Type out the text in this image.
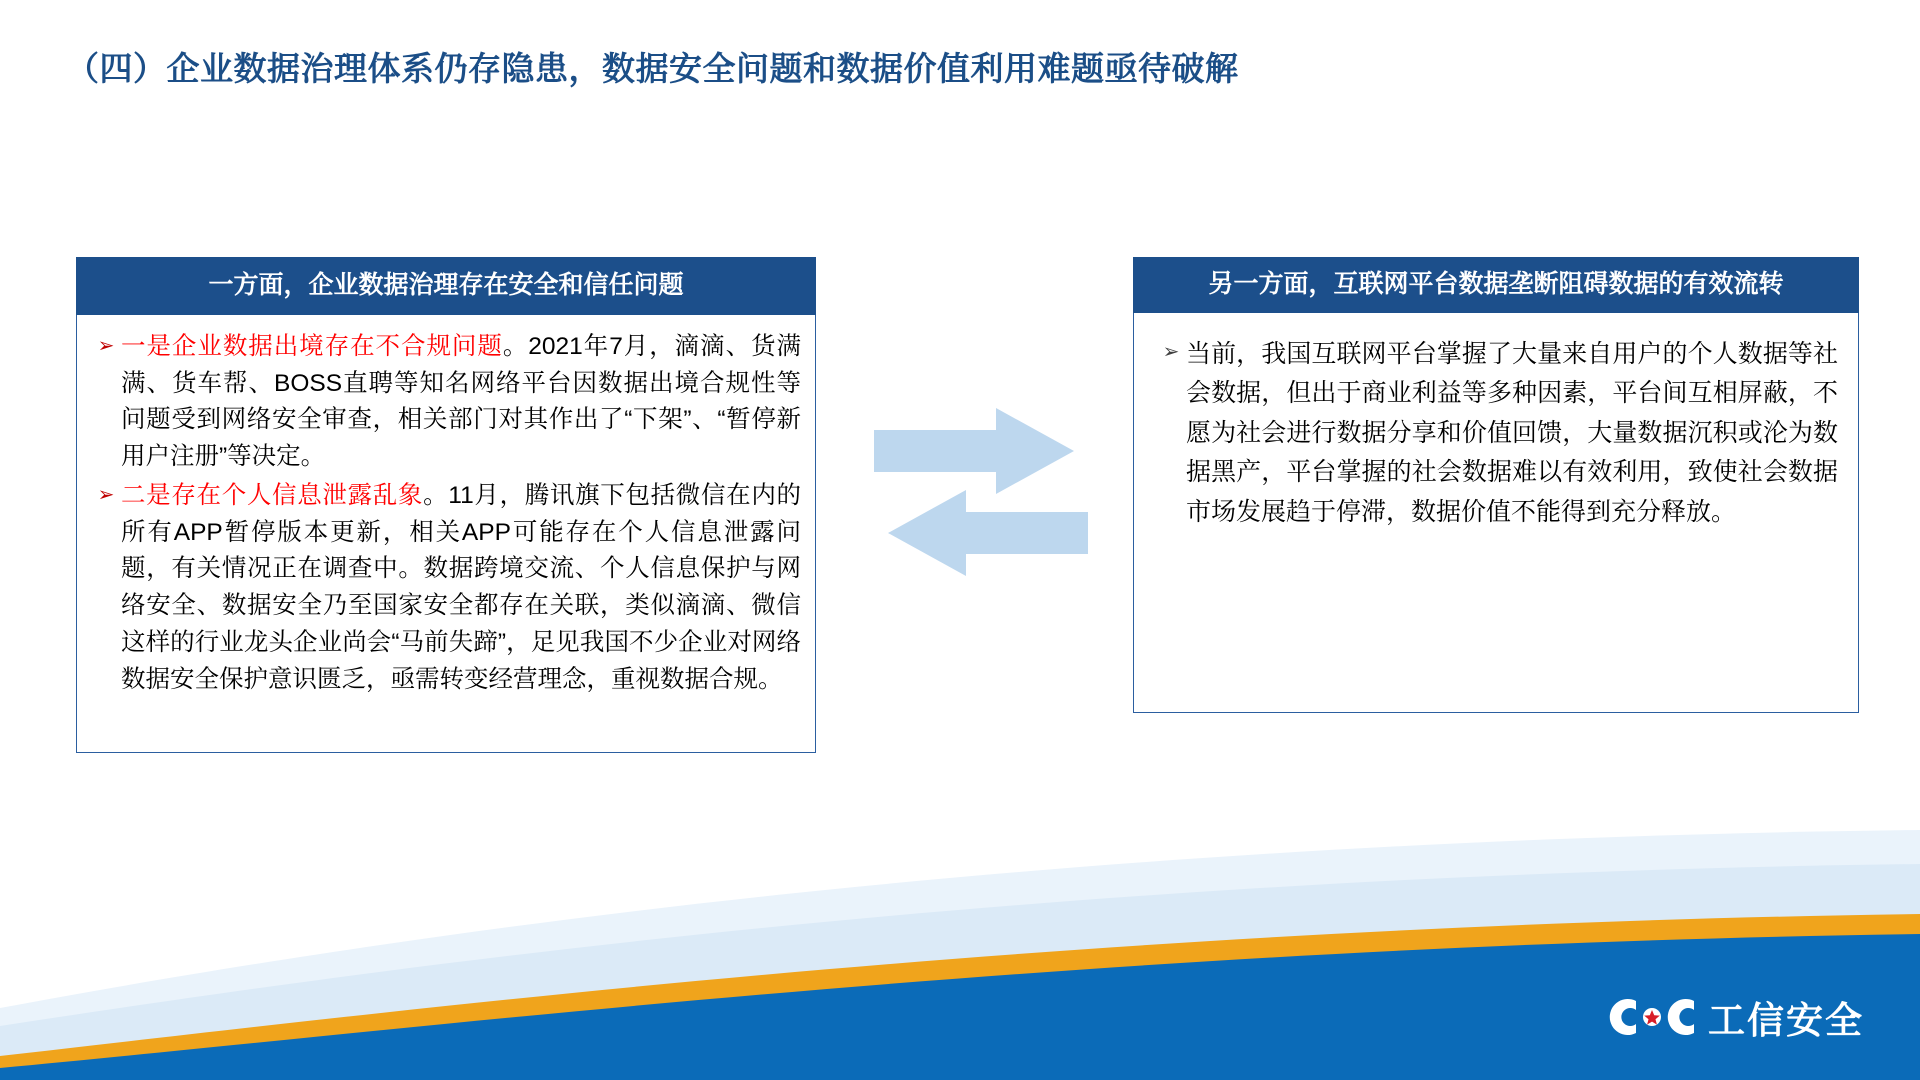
（四）企业数据治理体系仍存隐患，数据安全问题和数据价值利用难题亟待破解
一方面，企业数据治理存在安全和信任问题
➢ 一是企业数据出境存在不合规问题。2021年7月，滴滴、货满满、货车帮、BOSS直聘等知名网络平台因数据出境合规性等问题受到网络安全审查，相关部门对其作出了“下架”、“暂停新用户注册”等决定。
➢ 二是存在个人信息泄露乱象。11月，腾讯旗下包括微信在内的所有APP暂停版本更新，相关APP可能存在个人信息泄露问题，有关情况正在调查中。数据跨境交流、个人信息保护与网络安全、数据安全乃至国家安全都存在关联，类似滴滴、微信这样的行业龙头企业尚会“马前失蹄”，足见我国不少企业对网络数据安全保护意识匮乏，亟需转变经营理念，重视数据合规。
另一方面，互联网平台数据垄断阻碍数据的有效流转
➢ 当前，我国互联网平台掌握了大量来自用户的个人数据等社会数据，但出于商业利益等多种因素，平台间互相屏蔽，不愿为社会进行数据分享和价值回馈，大量数据沉积或沦为数据黑产，平台掌握的社会数据难以有效利用，致使社会数据市场发展趋于停滞，数据价值不能得到充分释放。
工信安全
